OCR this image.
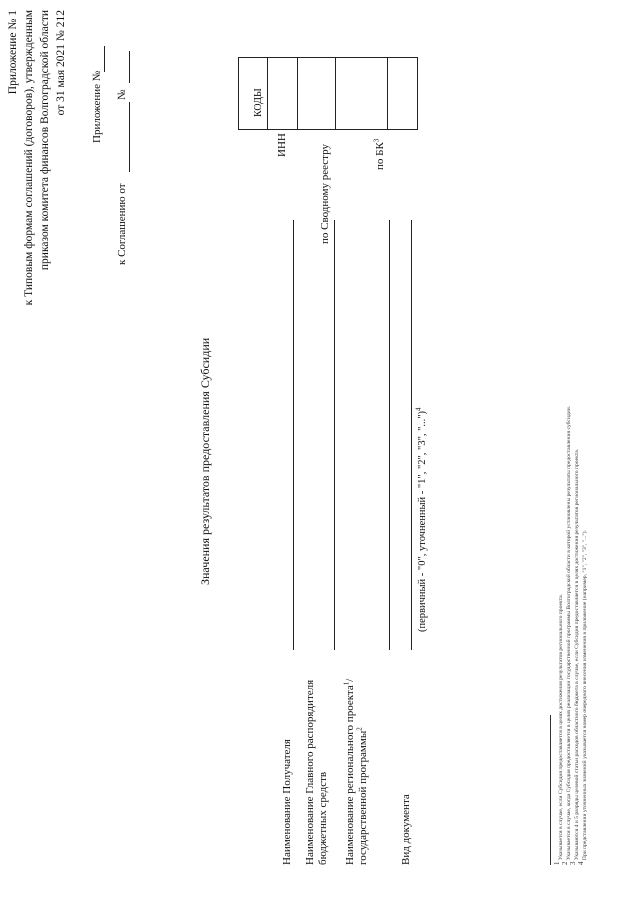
Приложение № 1 к Типовым формам соглашений (договоров), утвержденным приказом комитета финансов Волгоградской области от 31 мая 2021 № 212 Приложение №
к Соглашению от
№
Значения результатов предоставления Субсидии
Наименование Получателя Наименование Главного распорядителя бюджетных средств Наименование регионального проекта$^1$/ государственной программы$^2$
Вид документа
(первичный - "0", уточненный - "1", "2", "3", "...")$^4$
ИНН	по Сводному реестру	по $БК^3$
КОДЫ
1 Указывается в случае, если Субсидия предоставляется в целях достижения результатов регионального проекта.
2 Указывается в случае, когда Субсидия предоставляется в целях реализации государственной программы Волгоградской области в которой установлены результаты предоставления субсидии.
3 Указываются 4 и 5 разряды целевой статьи расходов областного бюджета в случае, если Субсидия предоставляется в целях достижения результатов регионального проекта.
4 При представлении уточненных значений указывается номер очередного внесения изменения в приложение (например, "1", "2", "3", "...").
